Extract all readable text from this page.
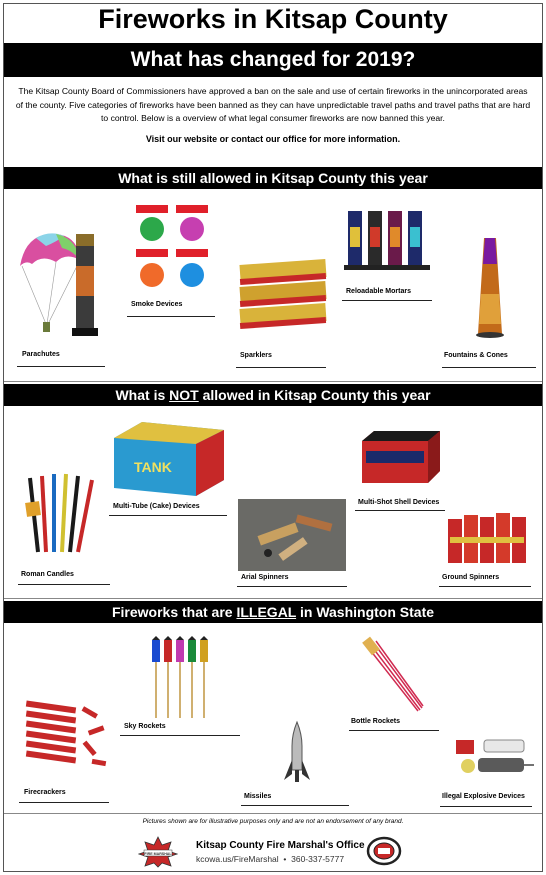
Fireworks in Kitsap County
What has changed for 2019?
The Kitsap County Board of Commissioners have approved a ban on the sale and use of certain fireworks in the unincorporated areas of the county. Five categories of fireworks have been banned as they can have unpredictable travel paths and travel paths that are hard to control. Below is a overview of what legal consumer fireworks are now banned this year.
Visit our website or contact our office for more information.
What is still allowed in Kitsap County this year
Parachutes
Smoke Devices
Sparklers
Reloadable Mortars
Fountains & Cones
What is NOT allowed in Kitsap County this year
Roman Candles
TANK
Multi-Tube (Cake) Devices
Arial Spinners
Multi-Shot Shell Devices
Ground Spinners
Fireworks that are ILLEGAL in Washington State
Firecrackers
Sky Rockets
Missiles
Bottle Rockets
Illegal Explosive Devices
Pictures shown are for illustrative purposes only and are not an endorsement of any brand.
FIRE MARSHAL
Kitsap County Fire Marshal's Office
kcowa.us/FireMarshal • 360-337-5777
